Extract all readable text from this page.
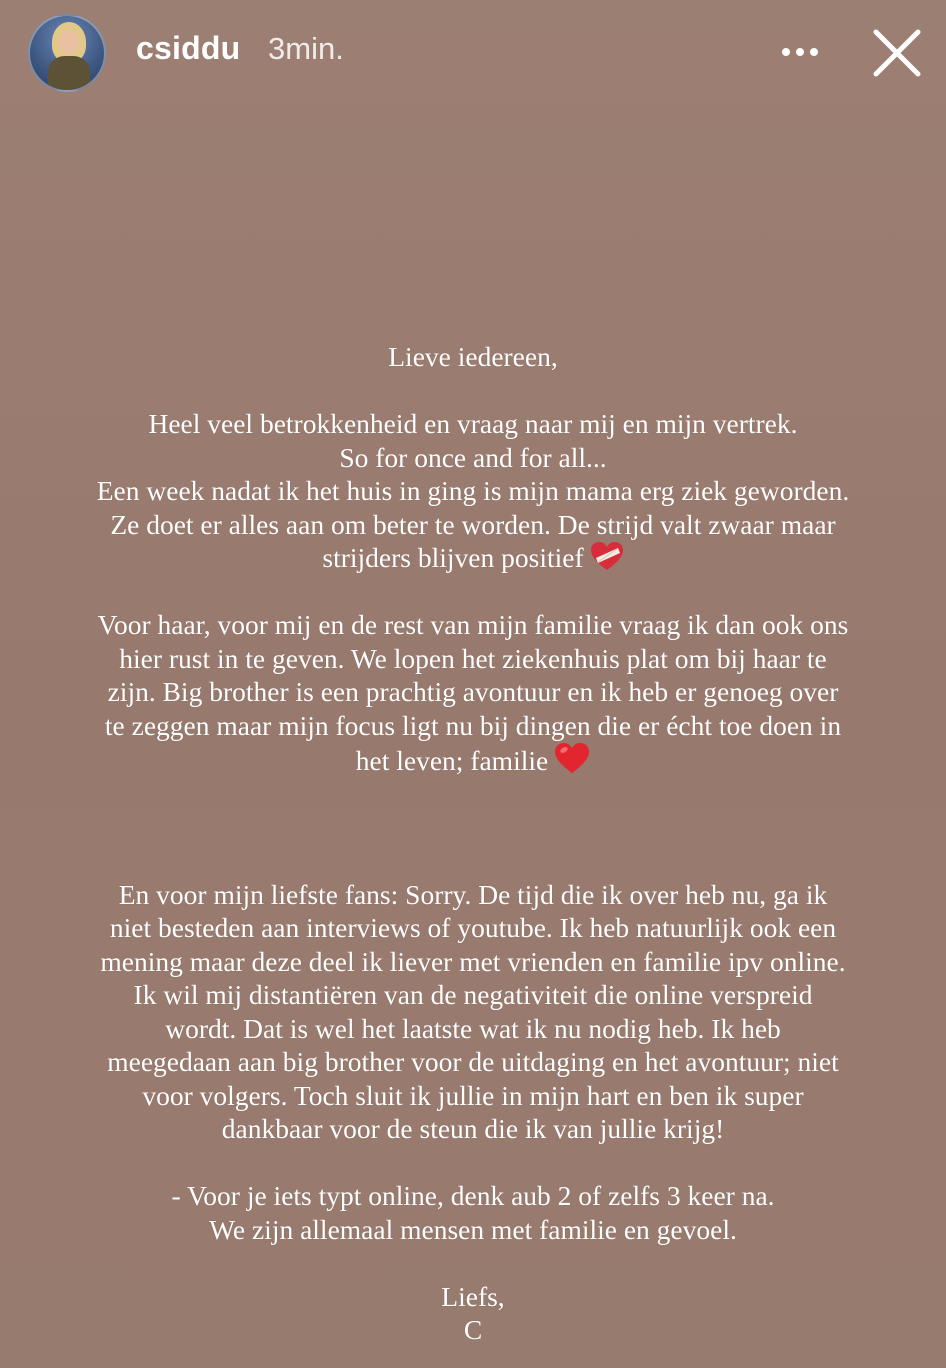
csiddu 3min.

Lieve iedereen,

Heel veel betrokkenheid en vraag naar mij en mijn vertrek.

So for once and for all...

Een week nadat ik het huis in ging is mijn mama erg ziek geworden.

Ze doet er alles aan om beter te worden. De strijd valt zwaar maar

strijders blijven positief

Voor haar, voor mij en de rest van mijn familie vraag ik dan ook ons

hier rust in te geven. We lopen het ziekenhuis plat om bij haar te

zijn. Big brother is een prachtig avontuur en ik heb er genoeg over

te zeggen maar mijn focus ligt nu bij dingen die er écht toe doen in

het leven; familie

En voor mijn liefste fans: Sorry. De tijd die ik over heb nu, ga ik

niet besteden aan interviews of youtube. Ik heb natuurlijk ook een

mening maar deze deel ik liever met vrienden en familie ipv online.

Ik wil mij distantiëren van de negativiteit die online verspreid

wordt. Dat is wel het laatste wat ik nu nodig heb. Ik heb

meegedaan aan big brother voor de uitdaging en het avontuur; niet

voor volgers. Toch sluit ik jullie in mijn hart en ben ik super

dankbaar voor de steun die ik van jullie krijg!

- Voor je iets typt online, denk aub 2 of zelfs 3 keer na.

We zijn allemaal mensen met familie en gevoel.

Liefs,

C
